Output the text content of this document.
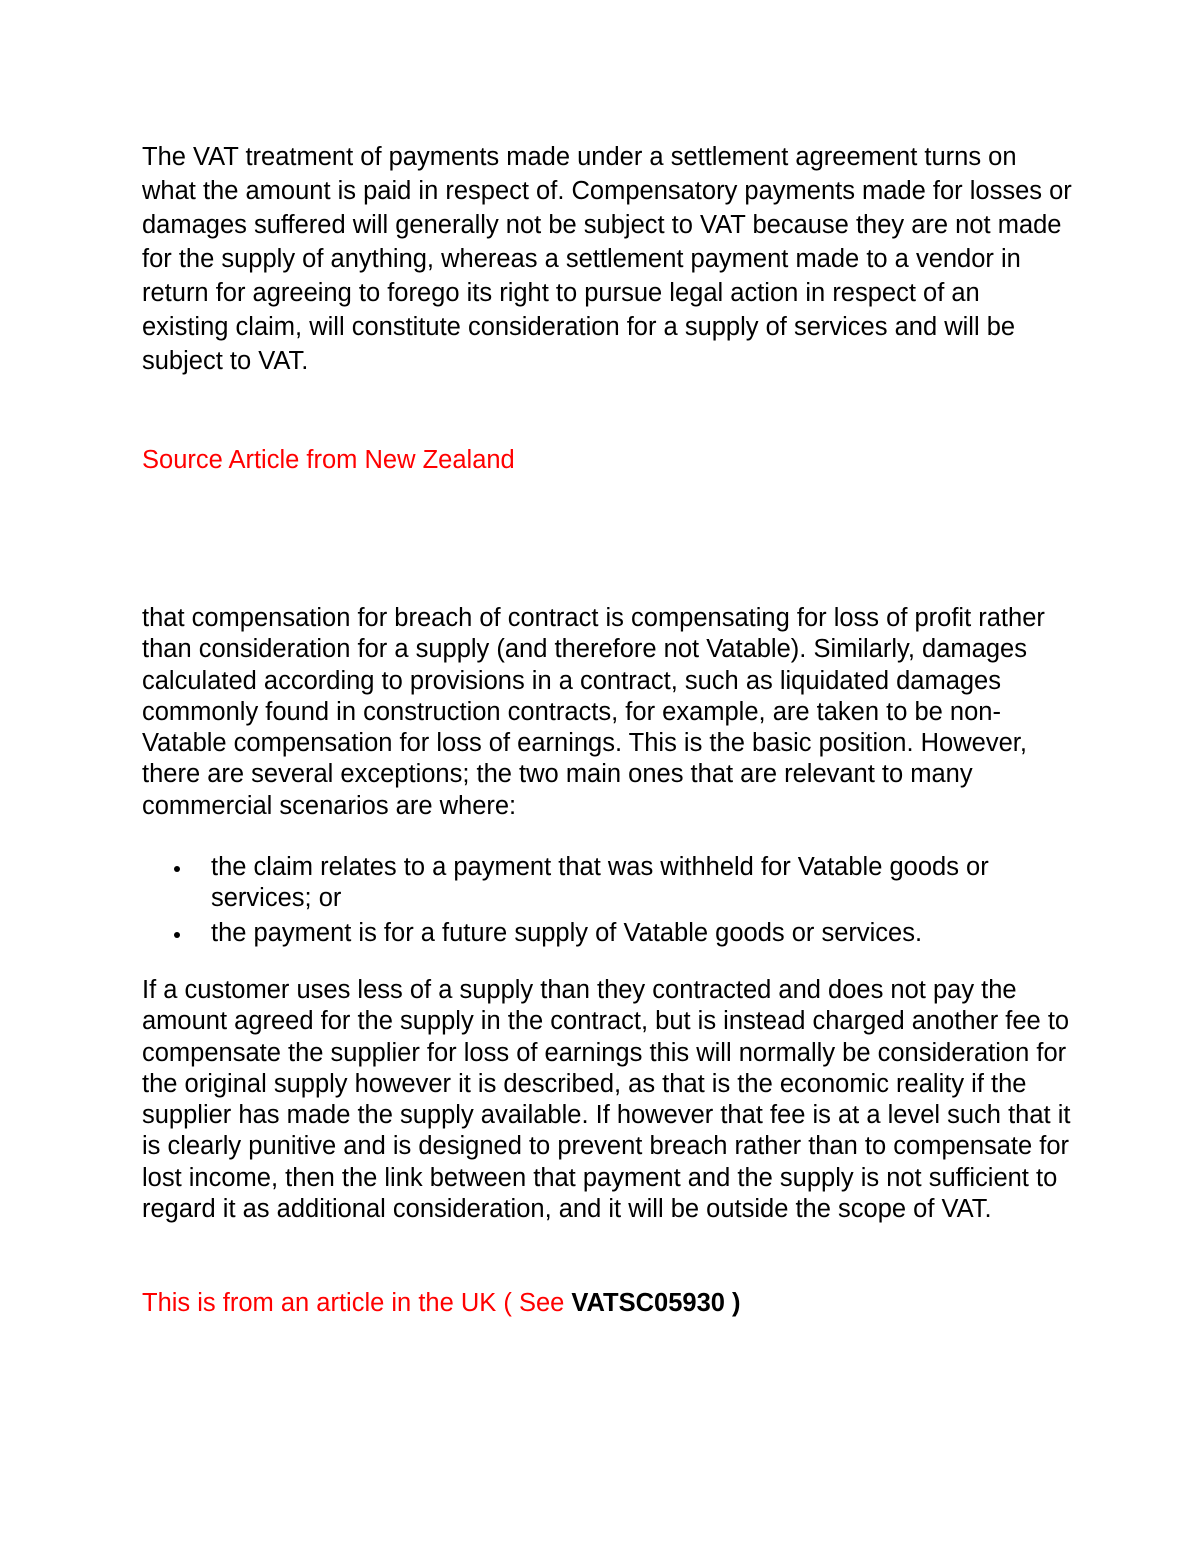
The VAT treatment of payments made under a settlement agreement turns on what the amount is paid in respect of. Compensatory payments made for losses or damages suffered will generally not be subject to VAT because they are not made for the supply of anything, whereas a settlement payment made to a vendor in return for agreeing to forego its right to pursue legal action in respect of an existing claim, will constitute consideration for a supply of services and will be subject to VAT.

Source Article from New Zealand

that compensation for breach of contract is compensating for loss of profit rather than consideration for a supply (and therefore not Vatable). Similarly, damages calculated according to provisions in a contract, such as liquidated damages commonly found in construction contracts, for example, are taken to be non-Vatable compensation for loss of earnings. This is the basic position. However, there are several exceptions; the two main ones that are relevant to many commercial scenarios are where:

the claim relates to a payment that was withheld for Vatable goods or services; or
the payment is for a future supply of Vatable goods or services.

If a customer uses less of a supply than they contracted and does not pay the amount agreed for the supply in the contract, but is instead charged another fee to compensate the supplier for loss of earnings this will normally be consideration for the original supply however it is described, as that is the economic reality if the supplier has made the supply available. If however that fee is at a level such that it is clearly punitive and is designed to prevent breach rather than to compensate for lost income, then the link between that payment and the supply is not sufficient to regard it as additional consideration, and it will be outside the scope of VAT.

This is from an article in the UK ( See VATSC05930 )
